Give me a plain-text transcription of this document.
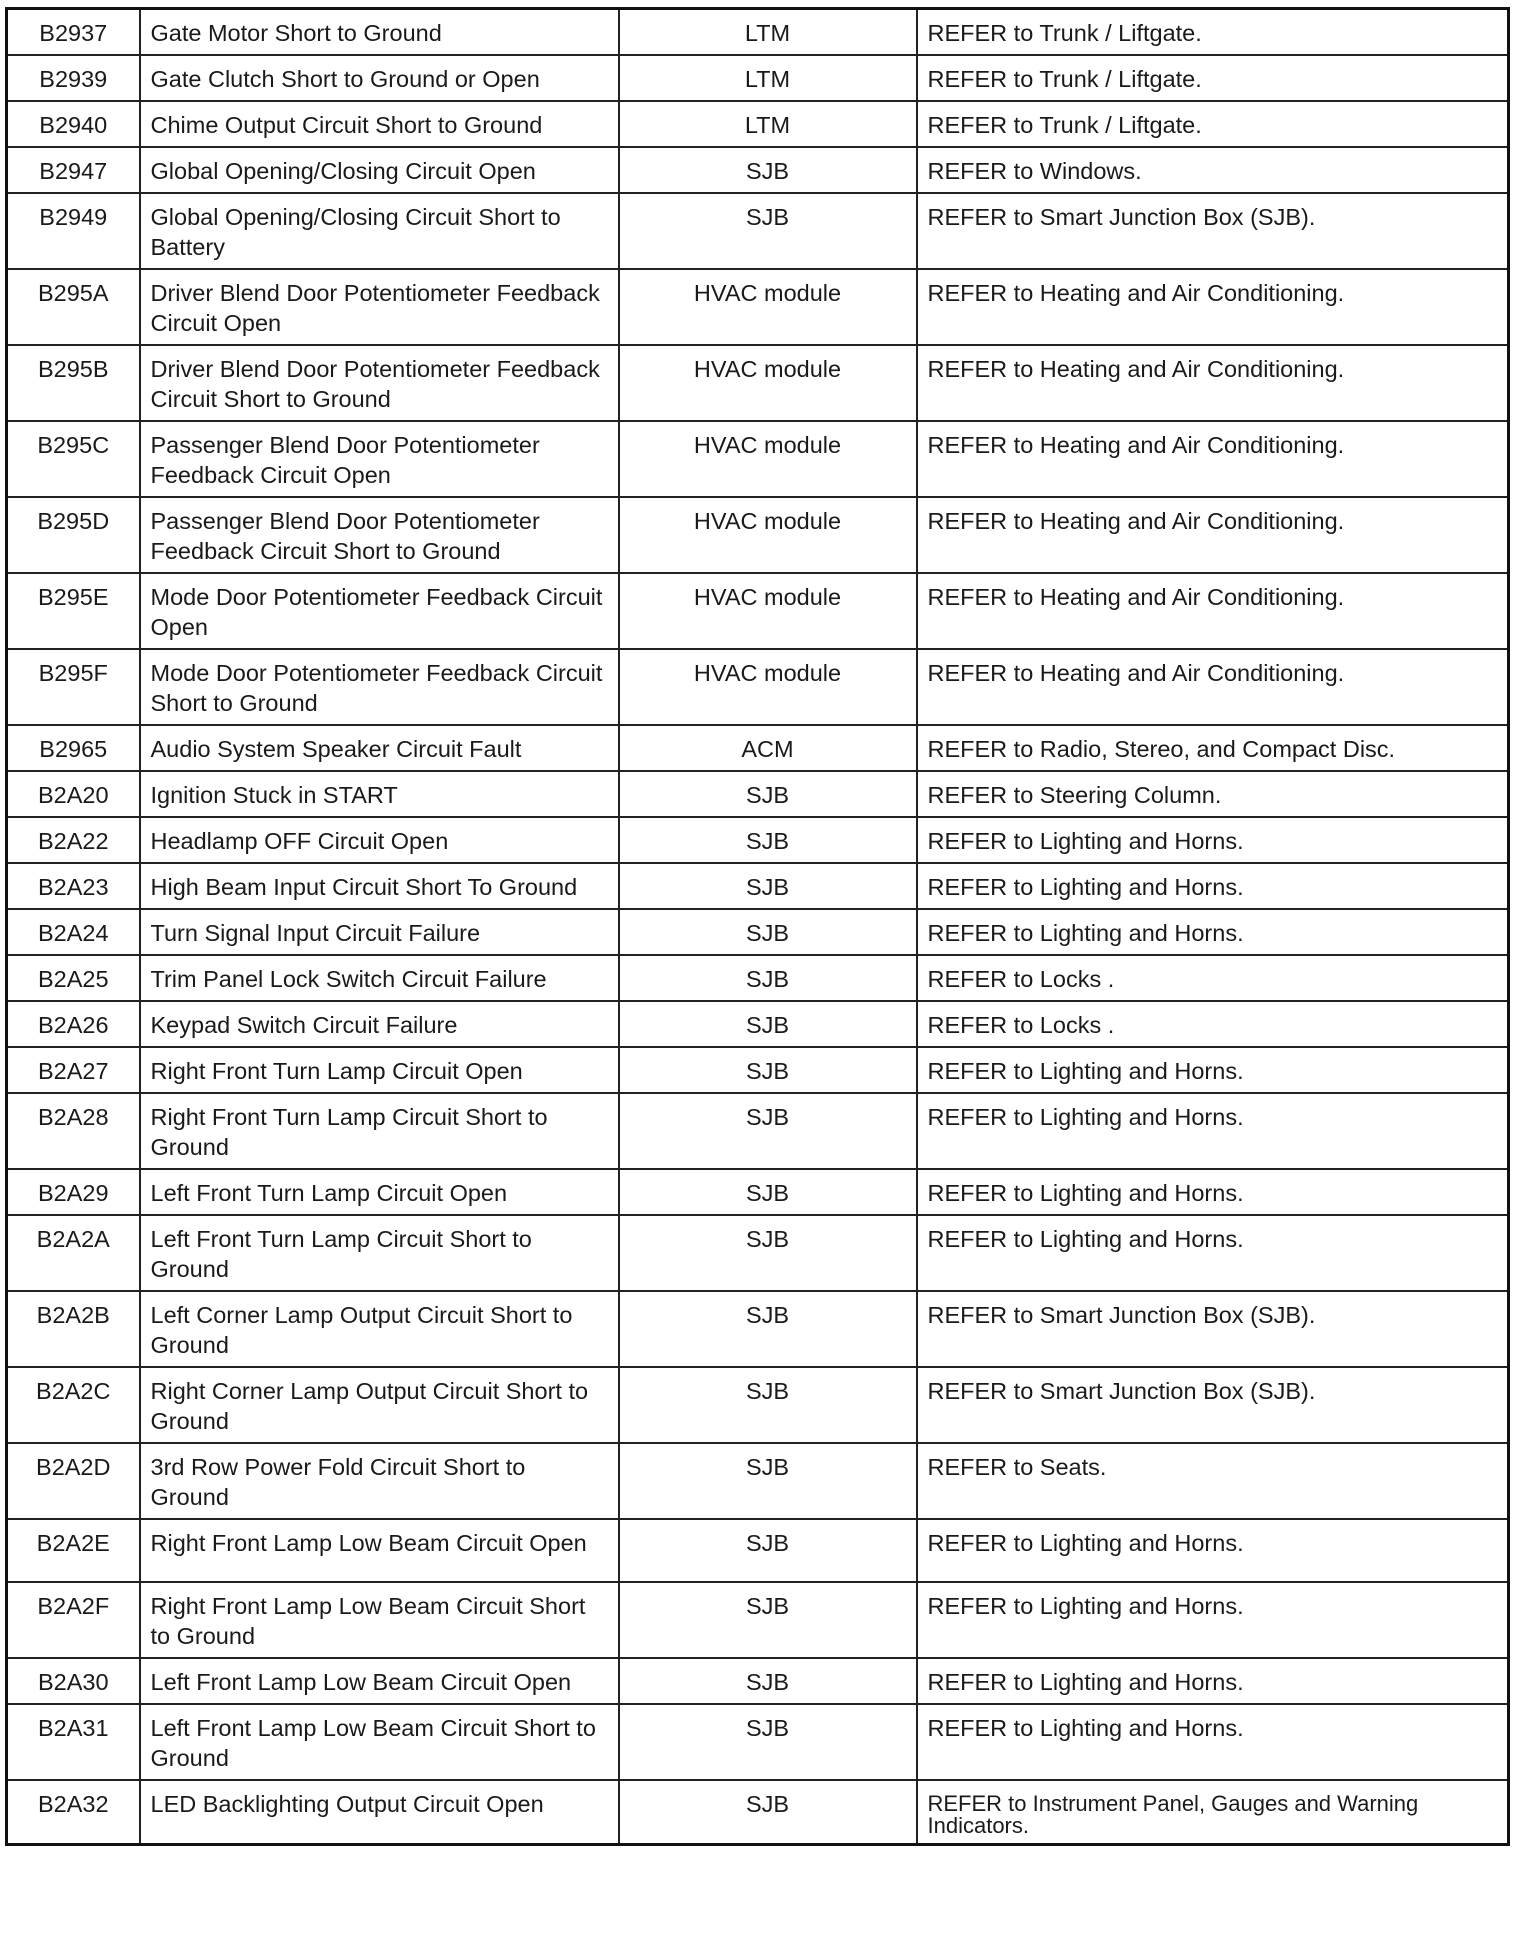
B2937	Gate Motor Short to Ground	LTM	REFER to Trunk / Liftgate.
B2939	Gate Clutch Short to Ground or Open	LTM	REFER to Trunk / Liftgate.
B2940	Chime Output Circuit Short to Ground	LTM	REFER to Trunk / Liftgate.
B2947	Global Opening/Closing Circuit Open	SJB	REFER to Windows.
B2949	Global Opening/Closing Circuit Short to Battery	SJB	REFER to Smart Junction Box (SJB).
B295A	Driver Blend Door Potentiometer Feedback Circuit Open	HVAC module	REFER to Heating and Air Conditioning.
B295B	Driver Blend Door Potentiometer Feedback Circuit Short to Ground	HVAC module	REFER to Heating and Air Conditioning.
B295C	Passenger Blend Door Potentiometer Feedback Circuit Open	HVAC module	REFER to Heating and Air Conditioning.
B295D	Passenger Blend Door Potentiometer Feedback Circuit Short to Ground	HVAC module	REFER to Heating and Air Conditioning.
B295E	Mode Door Potentiometer Feedback Circuit Open	HVAC module	REFER to Heating and Air Conditioning.
B295F	Mode Door Potentiometer Feedback Circuit Short to Ground	HVAC module	REFER to Heating and Air Conditioning.
B2965	Audio System Speaker Circuit Fault	ACM	REFER to Radio, Stereo, and Compact Disc.
B2A20	Ignition Stuck in START	SJB	REFER to Steering Column.
B2A22	Headlamp OFF Circuit Open	SJB	REFER to Lighting and Horns.
B2A23	High Beam Input Circuit Short To Ground	SJB	REFER to Lighting and Horns.
B2A24	Turn Signal Input Circuit Failure	SJB	REFER to Lighting and Horns.
B2A25	Trim Panel Lock Switch Circuit Failure	SJB	REFER to Locks .
B2A26	Keypad Switch Circuit Failure	SJB	REFER to Locks .
B2A27	Right Front Turn Lamp Circuit Open	SJB	REFER to Lighting and Horns.
B2A28	Right Front Turn Lamp Circuit Short to Ground	SJB	REFER to Lighting and Horns.
B2A29	Left Front Turn Lamp Circuit Open	SJB	REFER to Lighting and Horns.
B2A2A	Left Front Turn Lamp Circuit Short to Ground	SJB	REFER to Lighting and Horns.
B2A2B	Left Corner Lamp Output Circuit Short to Ground	SJB	REFER to Smart Junction Box (SJB).
B2A2C	Right Corner Lamp Output Circuit Short to Ground	SJB	REFER to Smart Junction Box (SJB).
B2A2D	3rd Row Power Fold Circuit Short to Ground	SJB	REFER to Seats.
B2A2E	Right Front Lamp Low Beam Circuit Open	SJB	REFER to Lighting and Horns.
B2A2F	Right Front Lamp Low Beam Circuit Short to Ground	SJB	REFER to Lighting and Horns.
B2A30	Left Front Lamp Low Beam Circuit Open	SJB	REFER to Lighting and Horns.
B2A31	Left Front Lamp Low Beam Circuit Short to Ground	SJB	REFER to Lighting and Horns.
B2A32	LED Backlighting Output Circuit Open	SJB	REFER to Instrument Panel, Gauges and Warning Indicators.
